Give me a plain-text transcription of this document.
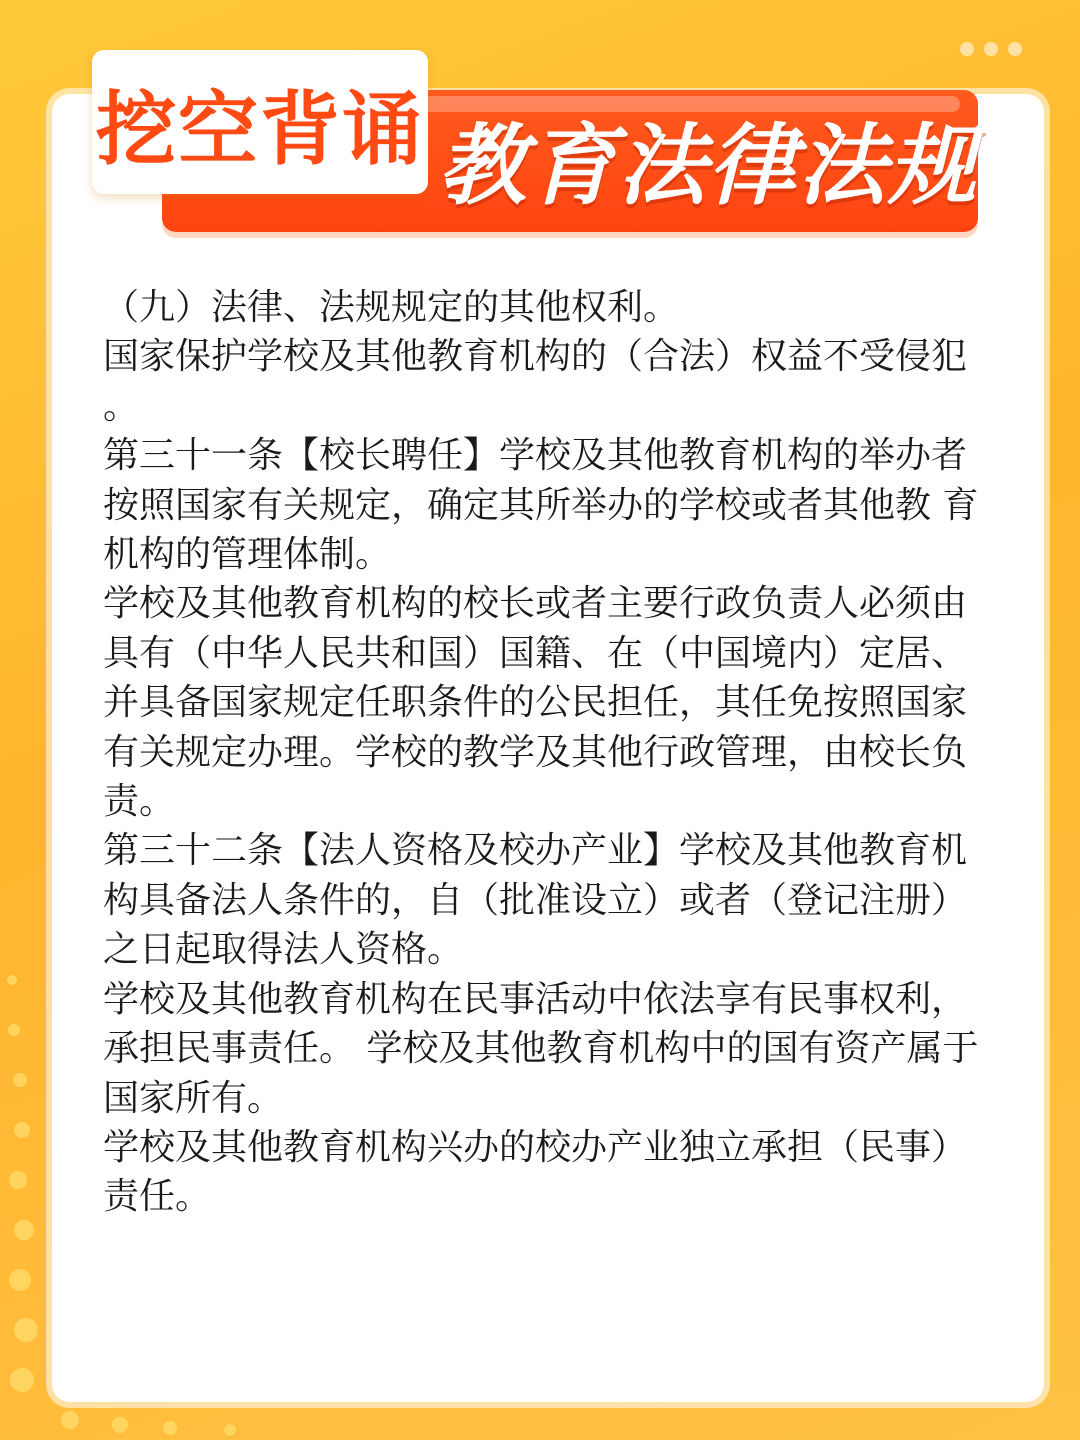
教育法律法规
挖空背诵

（九）法律、法规规定的其他权利。

国家保护学校及其他教育机构的（合法）权益不受侵犯。

第三十一条【校长聘任】学校及其他教育机构的举办者按照国家有关规定，确定其所举办的学校或者其他教 育机构的管理体制。

学校及其他教育机构的校长或者主要行政负责人必须由具有（中华人民共和国）国籍、在（中国境内）定居、 并具备国家规定任职条件的公民担任，其任免按照国家有关规定办理。学校的教学及其他行政管理，由校长负责。

第三十二条【法人资格及校办产业】学校及其他教育机构具备法人条件的，自（批准设立）或者（登记注册） 之日起取得法人资格。

学校及其他教育机构在民事活动中依法享有民事权利，承担民事责任。 学校及其他教育机构中的国有资产属于国家所有。

学校及其他教育机构兴办的校办产业独立承担（民事）责任。
